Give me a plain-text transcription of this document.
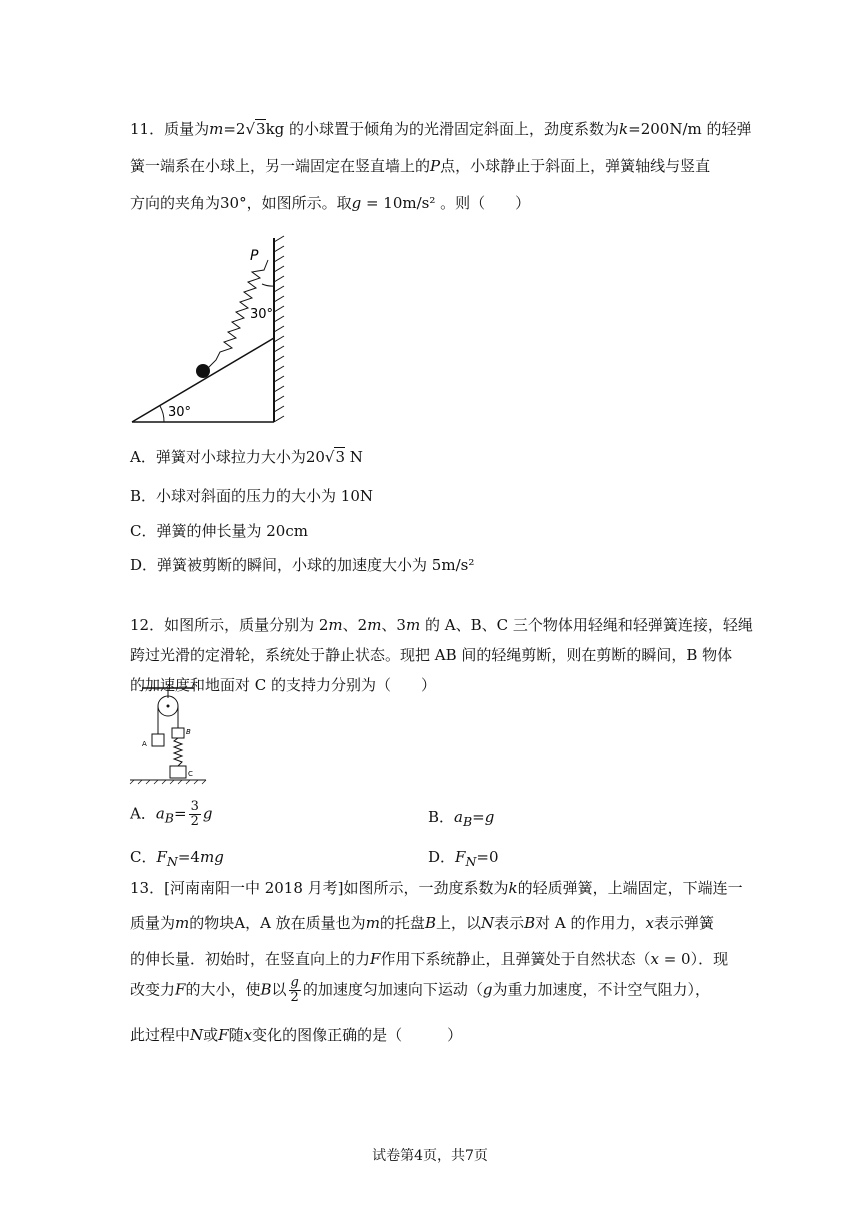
11．质量为m=2√3kg 的小球置于倾角为的光滑固定斜面上，劲度系数为k=200N/m 的轻弹
簧一端系在小球上，另一端固定在竖直墙上的P点，小球静止于斜面上，弹簧轴线与竖直
方向的夹角为30°，如图所示。取g = 10m/s² 。则（　　）
30°
30°
P
A．弹簧对小球拉力大小为20√3 N
B．小球对斜面的压力的大小为 10N
C．弹簧的伸长量为 20cm
D．弹簧被剪断的瞬间，小球的加速度大小为 5m/s²
12．如图所示，质量分别为 2m、2m、3m 的 A、B、C 三个物体用轻绳和轻弹簧连接，轻绳
跨过光滑的定滑轮，系统处于静止状态。现把 AB 间的轻绳剪断，则在剪断的瞬间，B 物体
的加速度和地面对 C 的支持力分别为（　　）
A
B
C
A．$a_B= \frac{3}{2}$ g	B．$a_B=g$
C．$F_N=4mg$	D．$F_N=0$
13．[河南南阳一中 2018 月考]如图所示，一劲度系数为k的轻质弹簧，上端固定，下端连一
质量为m的物块A，A 放在质量也为m的托盘B上，以N表示B对 A 的作用力，x表示弹簧
的伸长量．初始时，在竖直向上的力F作用下系统静止，且弹簧处于自然状态（x = 0）．现
改变力F的大小，使B以 $\frac{g}{2}$ 的加速度匀加速向下运动（g为重力加速度，不计空气阻力），
此过程中N或F随x变化的图像正确的是（　　　）
试卷第4页，共7页
